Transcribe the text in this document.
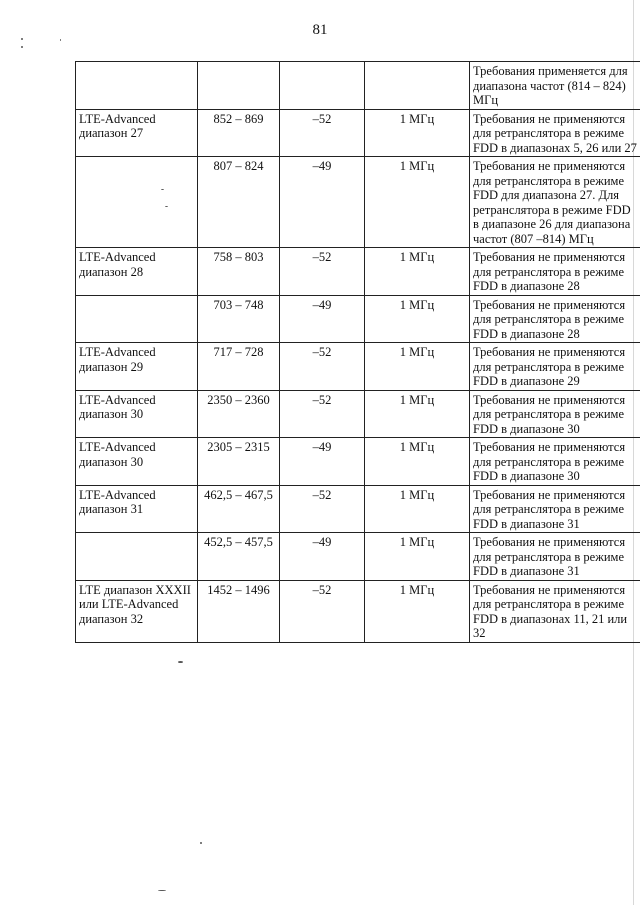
81
				Требования применяется для диапазона частот (814 – 824) МГц
LTE-Advanced диапазон 27	852 – 869	–52	1 МГц	Требования не применяются для ретранслятора в режиме FDD в диапазонах 5, 26 или 27
	807 – 824	–49	1 МГц	Требования не применяются для ретранслятора в режиме FDD для диапазона 27. Для ретранслятора в режиме FDD в диапазоне 26 для диапазона частот (807 –814) МГц
LTE-Advanced диапазон 28	758 – 803	–52	1 МГц	Требования не применяются для ретранслятора в режиме FDD в диапазоне 28
	703 – 748	–49	1 МГц	Требования не применяются для ретранслятора в режиме FDD в диапазоне 28
LTE-Advanced диапазон 29	717 – 728	–52	1 МГц	Требования не применяются для ретранслятора в режиме FDD в диапазоне 29
LTE-Advanced диапазон 30	2350 – 2360	–52	1 МГц	Требования не применяются для ретранслятора в режиме FDD в диапазоне 30
LTE-Advanced диапазон 30	2305 – 2315	–49	1 МГц	Требования не применяются для ретранслятора в режиме FDD в диапазоне 30
LTE-Advanced диапазон 31	462,5 – 467,5	–52	1 МГц	Требования не применяются для ретранслятора в режиме FDD в диапазоне 31
	452,5 – 457,5	–49	1 МГц	Требования не применяются для ретранслятора в режиме FDD в диапазоне 31
LTE диапазон XXXII или LTE-Advanced диапазон 32	1452 – 1496	–52	1 МГц	Требования не применяются для ретранслятора в режиме FDD в диапазонах 11, 21 или 32
